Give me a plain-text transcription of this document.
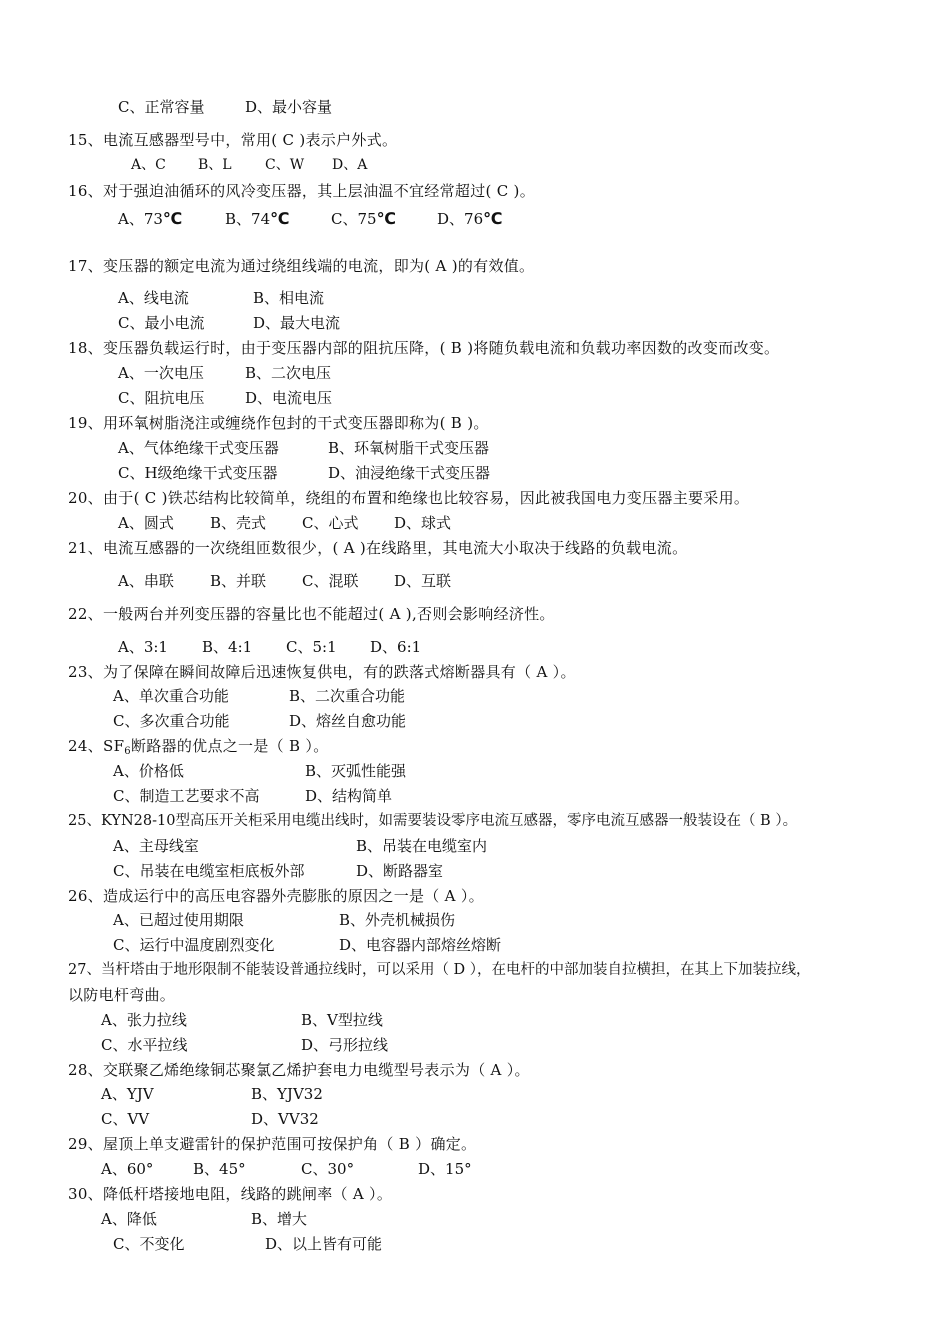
C、正常容量	D、最小容量
15、电流互感器型号中，常用( C )表示户外式。
A、C B、L C、W D、A
16、对于强迫油循环的风冷变压器，其上层油温不宜经常超过( C )。
A、73℃	B、74℃	C、75℃	D、76℃
17、变压器的额定电流为通过绕组线端的电流，即为( A )的有效值。
A、线电流	B、相电流
C、最小电流	D、最大电流
18、变压器负载运行时，由于变压器内部的阻抗压降，( B )将随负载电流和负载功率因数的改变而改变。
A、一次电压	B、二次电压
C、阻抗电压	D、电流电压
19、用环氧树脂浇注或缠绕作包封的干式变压器即称为( B )。
A、气体绝缘干式变压器	B、环氧树脂干式变压器
C、H级绝缘干式变压器	D、油浸绝缘干式变压器
20、由于( C )铁芯结构比较简单，绕组的布置和绝缘也比较容易，因此被我国电力变压器主要采用。
A、圆式 B、壳式 C、心式 D、球式
21、电流互感器的一次绕组匝数很少，( A )在线路里，其电流大小取决于线路的负载电流。
A、串联 B、并联 C、混联 D、互联
22、一般两台并列变压器的容量比也不能超过( A ),否则会影响经济性。
A、3:1 B、4:1 C、5:1 D、6:1
23、为了保障在瞬间故障后迅速恢复供电，有的跌落式熔断器具有（ A ）。
A、单次重合功能	B、二次重合功能
C、多次重合功能	D、熔丝自愈功能
24、$SF_6$断路器的优点之一是（ B ）。
A、价格低	B、灭弧性能强
C、制造工艺要求不高	D、结构简单
25、KYN28-10型高压开关柜采用电缆出线时，如需要装设零序电流互感器，零序电流互感器一般装设在（ B ）。
A、主母线室	B、吊装在电缆室内
C、吊装在电缆室柜底板外部	D、断路器室
26、造成运行中的高压电容器外壳膨胀的原因之一是（ A ）。
A、已超过使用期限	B、外壳机械损伤
C、运行中温度剧烈变化	D、电容器内部熔丝熔断
27、当杆塔由于地形限制不能装设普通拉线时，可以采用（ D ），在电杆的中部加装自拉横担，在其上下加装拉线，
以防电杆弯曲。
A、张力拉线	B、V型拉线
C、水平拉线	D、弓形拉线
28、交联聚乙烯绝缘铜芯聚氯乙烯护套电力电缆型号表示为（ A ）。
A、YJV	B、YJV32
C、VV	D、VV32
29、屋顶上单支避雷针的保护范围可按保护角（ B ）确定。
A、60°	B、45°	C、30°	D、15°
30、降低杆塔接地电阻，线路的跳闸率（ A ）。
A、降低	B、增大
C、不变化	D、以上皆有可能
